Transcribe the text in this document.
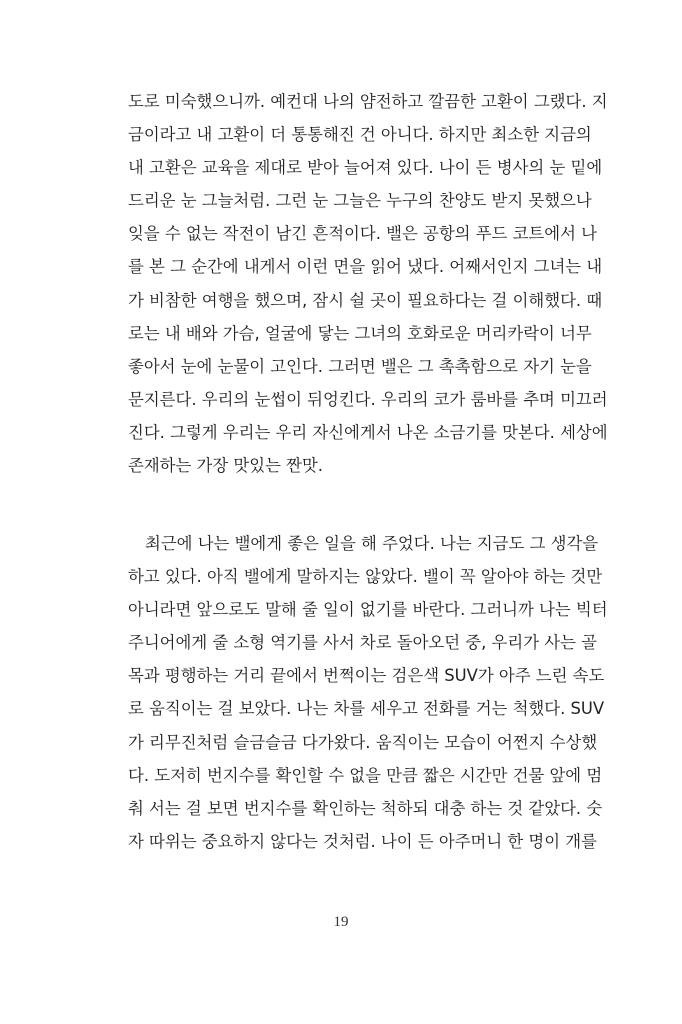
도로 미숙했으니까. 예컨대 나의 얌전하고 깔끔한 고환이 그랬다. 지
금이라고 내 고환이 더 통통해진 건 아니다. 하지만 최소한 지금의
내 고환은 교육을 제대로 받아 늘어져 있다. 나이 든 병사의 눈 밑에
드리운 눈 그늘처럼. 그런 눈 그늘은 누구의 찬양도 받지 못했으나
잊을 수 없는 작전이 남긴 흔적이다. 밸은 공항의 푸드 코트에서 나
를 본 그 순간에 내게서 이런 면을 읽어 냈다. 어째서인지 그녀는 내
가 비참한 여행을 했으며, 잠시 쉴 곳이 필요하다는 걸 이해했다. 때
로는 내 배와 가슴, 얼굴에 닿는 그녀의 호화로운 머리카락이 너무
좋아서 눈에 눈물이 고인다. 그러면 밸은 그 촉촉함으로 자기 눈을
문지른다. 우리의 눈썹이 뒤엉킨다. 우리의 코가 룸바를 추며 미끄러
진다. 그렇게 우리는 우리 자신에게서 나온 소금기를 맛본다. 세상에
존재하는 가장 맛있는 짠맛.
최근에 나는 밸에게 좋은 일을 해 주었다. 나는 지금도 그 생각을
하고 있다. 아직 밸에게 말하지는 않았다. 밸이 꼭 알아야 하는 것만
아니라면 앞으로도 말해 줄 일이 없기를 바란다. 그러니까 나는 빅터
주니어에게 줄 소형 역기를 사서 차로 돌아오던 중, 우리가 사는 골
목과 평행하는 거리 끝에서 번쩍이는 검은색 SUV가 아주 느린 속도
로 움직이는 걸 보았다. 나는 차를 세우고 전화를 거는 척했다. SUV
가 리무진처럼 슬금슬금 다가왔다. 움직이는 모습이 어쩐지 수상했
다. 도저히 번지수를 확인할 수 없을 만큼 짧은 시간만 건물 앞에 멈
춰 서는 걸 보면 번지수를 확인하는 척하되 대충 하는 것 같았다. 숫
자 따위는 중요하지 않다는 것처럼. 나이 든 아주머니 한 명이 개를
19
